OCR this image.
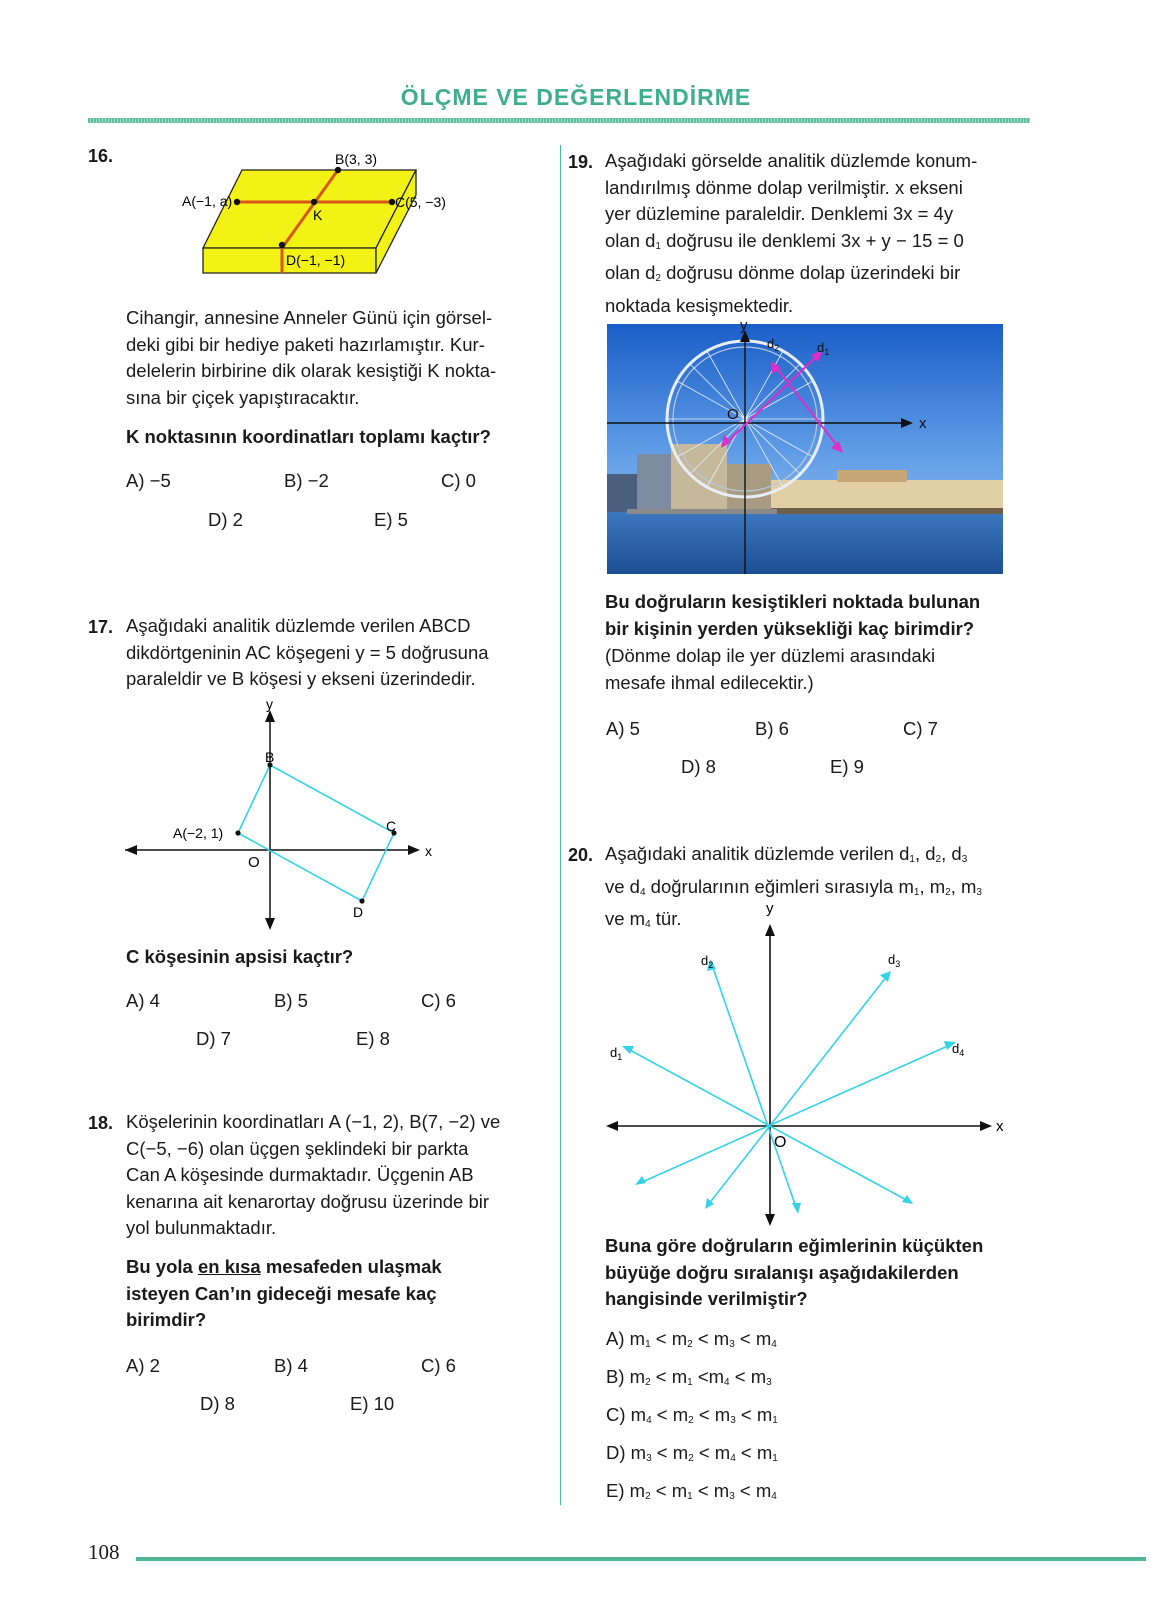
ÖLÇME VE DEĞERLENDİRME
16.	B(3, 3)
A(−1, a)	C(5, −3)
K
D(−1, −1)
Cihangir, annesine Anneler Günü için görsel-
deki gibi bir hediye paketi hazırlamıştır. Kur-
delelerin birbirine dik olarak kesiştiği K nokta-
sına bir çiçek yapıştıracaktır.
K noktasının koordinatları toplamı kaçtır?
A) −5	B) −2	C) 0
D) 2	E) 5
17. Aşağıdaki analitik düzlemde verilen ABCD
dikdörtgeninin AC köşegeni y = 5 doğrusuna
paraleldir ve B köşesi y ekseni üzerindedir.
y
x
O
A(−2, 1)
B
C
D
C köşesinin apsisi kaçtır?
A) 4	B) 5	C) 6
D) 7	E) 8
18. Köşelerinin koordinatları A (−1, 2), B(7, −2) ve
C(−5, −6) olan üçgen şeklindeki bir parkta
Can A köşesinde durmaktadır. Üçgenin AB
kenarına ait kenarortay doğrusu üzerinde bir
yol bulunmaktadır.
Bu yola en kısa mesafeden ulaşmak
isteyen Can’ın gideceği mesafe kaç
birimdir?
A) 2	B) 4	C) 6
D) 8	E) 10
19. Aşağıdaki görselde analitik düzlemde konum-
landırılmış dönme dolap verilmiştir. x ekseni
yer düzlemine paraleldir. Denklemi 3x = 4y
olan $d_1$ doğrusu ile denklemi 3x + y − 15 = 0
olan $d_2$ doğrusu dönme dolap üzerindeki bir
noktada kesişmektedir.
y
x
O
$d_2$	$d_1$
Bu doğruların kesiştikleri noktada bulunan
bir kişinin yerden yüksekliği kaç birimdir?
(Dönme dolap ile yer düzlemi arasındaki
mesafe ihmal edilecektir.)
A) 5	B) 6	C) 7
D) 8	E) 9
20. Aşağıdaki analitik düzlemde verilen $d_1$, $d_2$, $d_3$
ve $d_4$ doğrularının eğimleri sırasıyla $m_1$, $m_2$, $m_3$
ve $m_4$ tür.	y
x
O
$d_1$
$d_2$	$d_3$
$d_4$
Buna göre doğruların eğimlerinin küçükten
büyüğe doğru sıralanışı aşağıdakilerden
hangisinde verilmiştir?
A) $m_1 < m_2 < m_3 < m_4$
B) $m_2 < m_1 <m_4 < m_3$
C) $m_4 < m_2 < m_3 < m_1$
D) $m_3 < m_2 < m_4 < m_1$
E) $m_2 < m_1 < m_3 < m_4$
108
